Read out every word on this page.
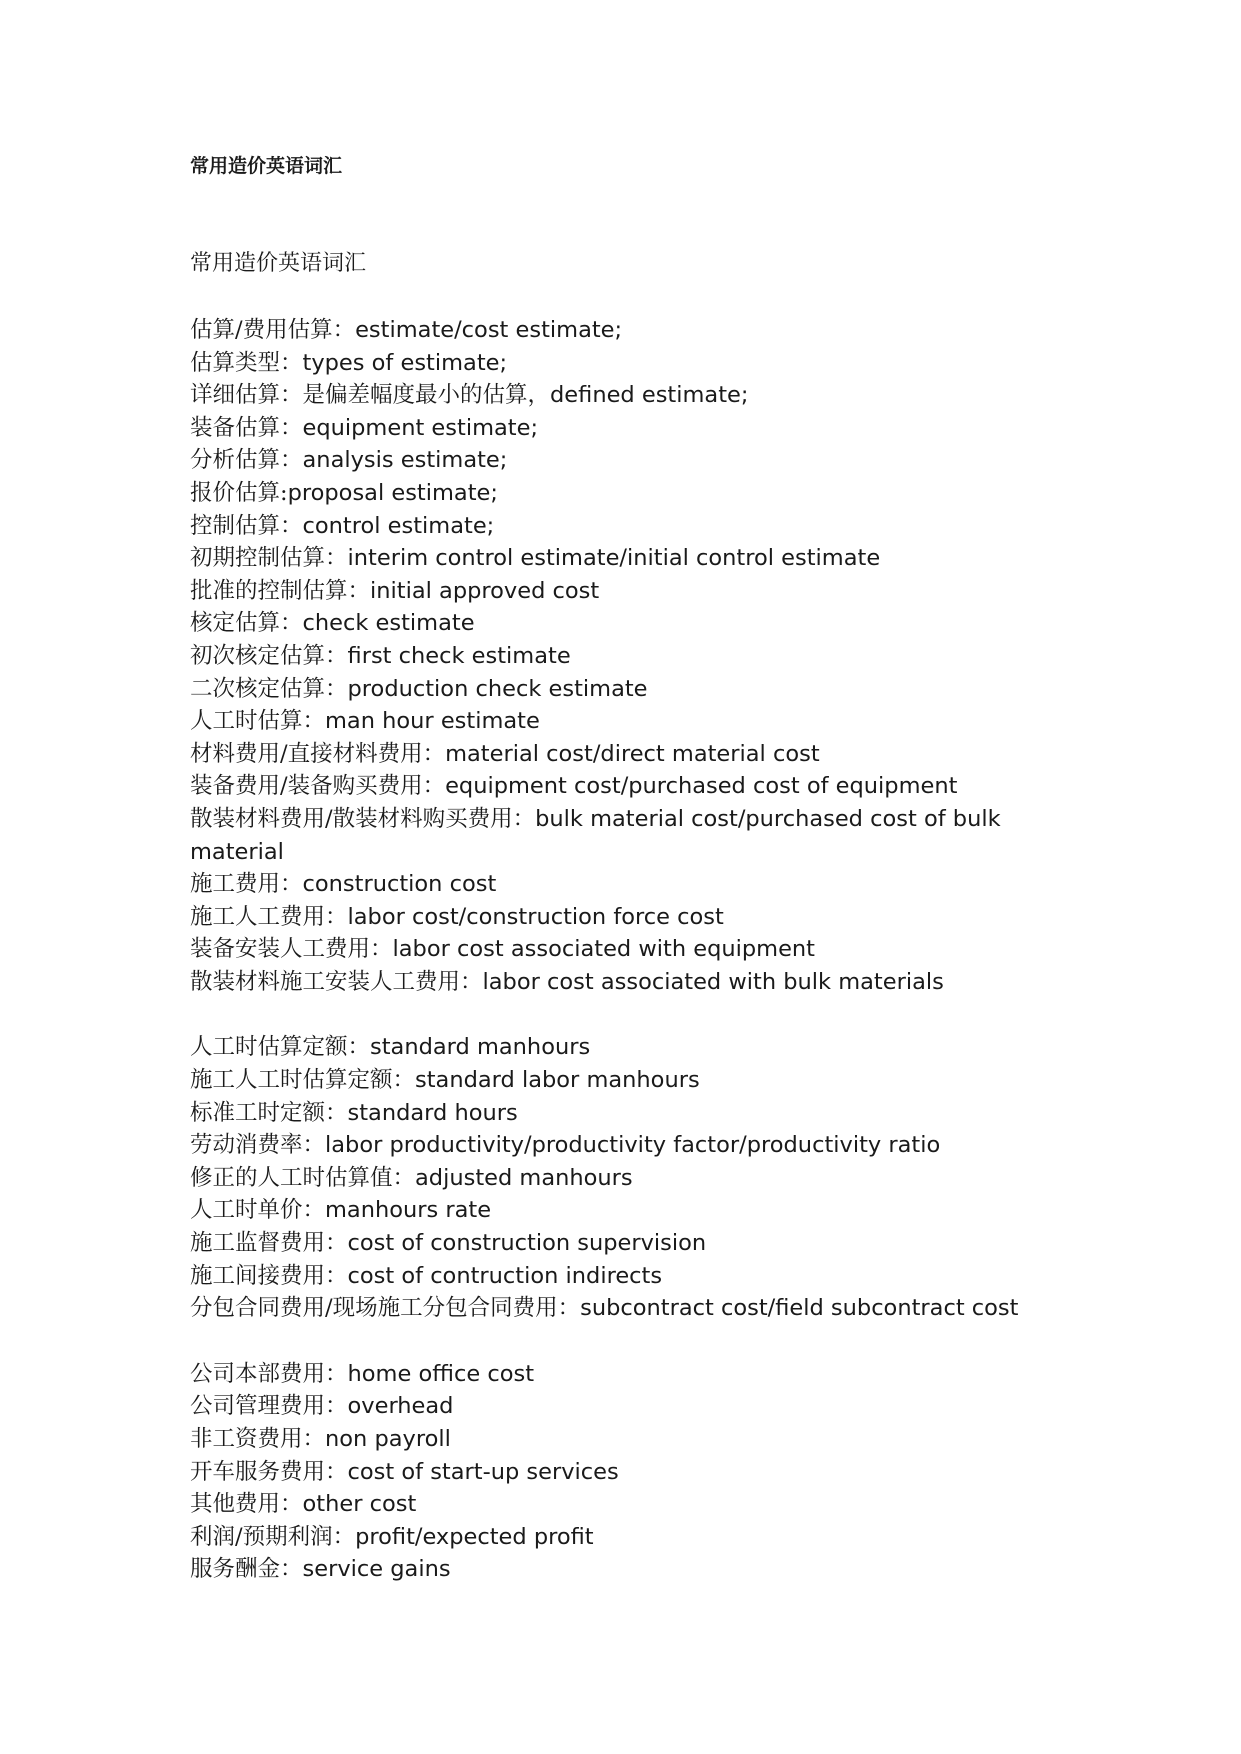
常用造价英语词汇
常用造价英语词汇
估算/费用估算：estimate/cost estimate;
估算类型：types of estimate;
详细估算：是偏差幅度最小的估算，defined estimate;
装备估算：equipment estimate;
分析估算：analysis estimate;
报价估算:proposal estimate;
控制估算：control estimate;
初期控制估算：interim control estimate/initial control estimate
批准的控制估算：initial approved cost
核定估算：check estimate
初次核定估算：first check estimate
二次核定估算：production check estimate
人工时估算：man hour estimate
材料费用/直接材料费用：material cost/direct material cost
装备费用/装备购买费用：equipment cost/purchased cost of equipment
散装材料费用/散装材料购买费用：bulk material cost/purchased cost of bulk material
施工费用：construction cost
施工人工费用：labor cost/construction force cost
装备安装人工费用：labor cost associated with equipment
散装材料施工安装人工费用：labor cost associated with bulk materials
人工时估算定额：standard manhours
施工人工时估算定额：standard labor manhours
标准工时定额：standard hours
劳动消费率：labor productivity/productivity factor/productivity ratio
修正的人工时估算值：adjusted manhours
人工时单价：manhours rate
施工监督费用：cost of construction supervision
施工间接费用：cost of contruction indirects
分包合同费用/现场施工分包合同费用：subcontract cost/field subcontract cost
公司本部费用：home office cost
公司管理费用：overhead
非工资费用：non payroll
开车服务费用：cost of start-up services
其他费用：other cost
利润/预期利润：profit/expected profit
服务酬金：service gains
